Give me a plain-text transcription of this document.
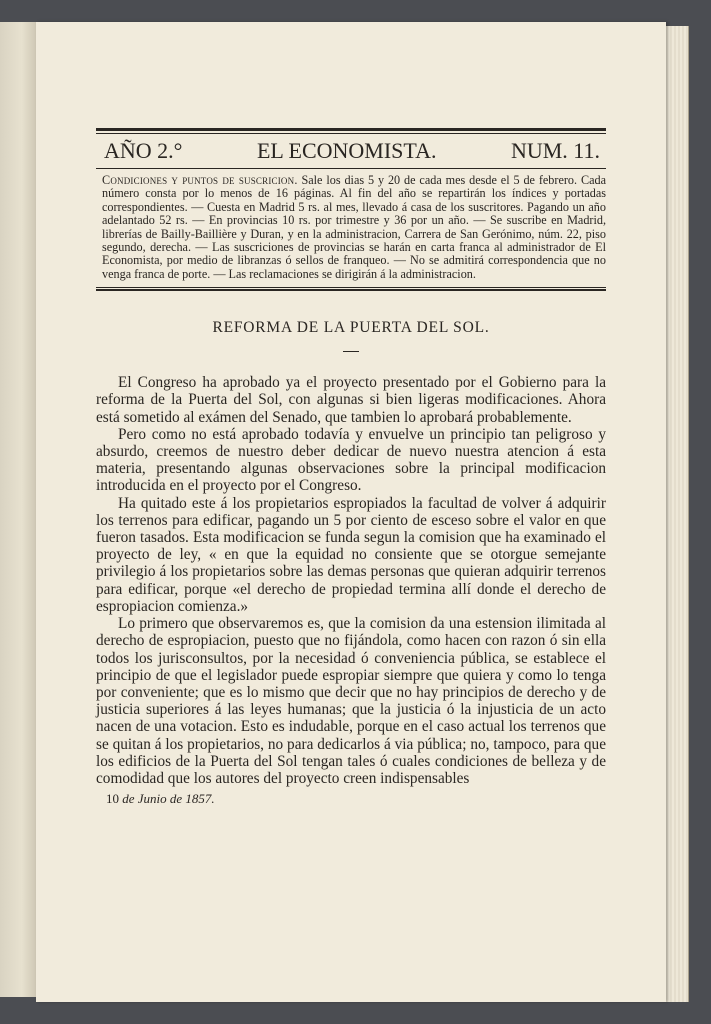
AÑO 2.°	EL ECONOMISTA.	NUM. 11.
Condiciones y puntos de suscricion. Sale los dias 5 y 20 de cada mes desde el 5 de febrero. Cada número consta por lo menos de 16 páginas. Al fin del año se repartirán los índices y portadas correspondientes. — Cuesta en Madrid 5 rs. al mes, llevado á casa de los suscritores. Pagando un año adelantado 52 rs. — En provincias 10 rs. por trimestre y 36 por un año. — Se suscribe en Madrid, librerías de Bailly-Baillière y Duran, y en la administracion, Carrera de San Gerónimo, núm. 22, piso segundo, derecha. — Las suscriciones de provincias se harán en carta franca al administrador de El Economista, por medio de libranzas ó sellos de franqueo. — No se admitirá correspondencia que no venga franca de porte. — Las reclamaciones se dirigirán á la administracion.
REFORMA DE LA PUERTA DEL SOL.

El Congreso ha aprobado ya el proyecto presentado por el Gobierno para la reforma de la Puerta del Sol, con algunas si bien ligeras modificaciones. Ahora está sometido al exámen del Senado, que tambien lo aprobará probablemente.

Pero como no está aprobado todavía y envuelve un principio tan peligroso y absurdo, creemos de nuestro deber dedicar de nuevo nuestra atencion á esta materia, presentando algunas observaciones sobre la principal modificacion introducida en el proyecto por el Congreso.

Ha quitado este á los propietarios espropiados la facultad de volver á adquirir los terrenos para edificar, pagando un 5 por ciento de esceso sobre el valor en que fueron tasados. Esta modificacion se funda segun la comision que ha examinado el proyecto de ley, « en que la equidad no consiente que se otorgue semejante privilegio á los propietarios sobre las demas personas que quieran adquirir terrenos para edificar, porque «el derecho de propiedad termina allí donde el derecho de espropiacion comienza.»

Lo primero que observaremos es, que la comision da una estension ilimitada al derecho de espropiacion, puesto que no fijándola, como hacen con razon ó sin ella todos los jurisconsultos, por la necesidad ó conveniencia pública, se establece el principio de que el legislador puede espropiar siempre que quiera y como lo tenga por conveniente; que es lo mismo que decir que no hay principios de derecho y de justicia superiores á las leyes humanas; que la justicia ó la injusticia de un acto nacen de una votacion. Esto es indudable, porque en el caso actual los terrenos que se quitan á los propietarios, no para dedicarlos á via pública; no, tampoco, para que los edificios de la Puerta del Sol tengan tales ó cuales condiciones de belleza y de comodidad que los autores del proyecto creen indispensables

10 de Junio de 1857.
